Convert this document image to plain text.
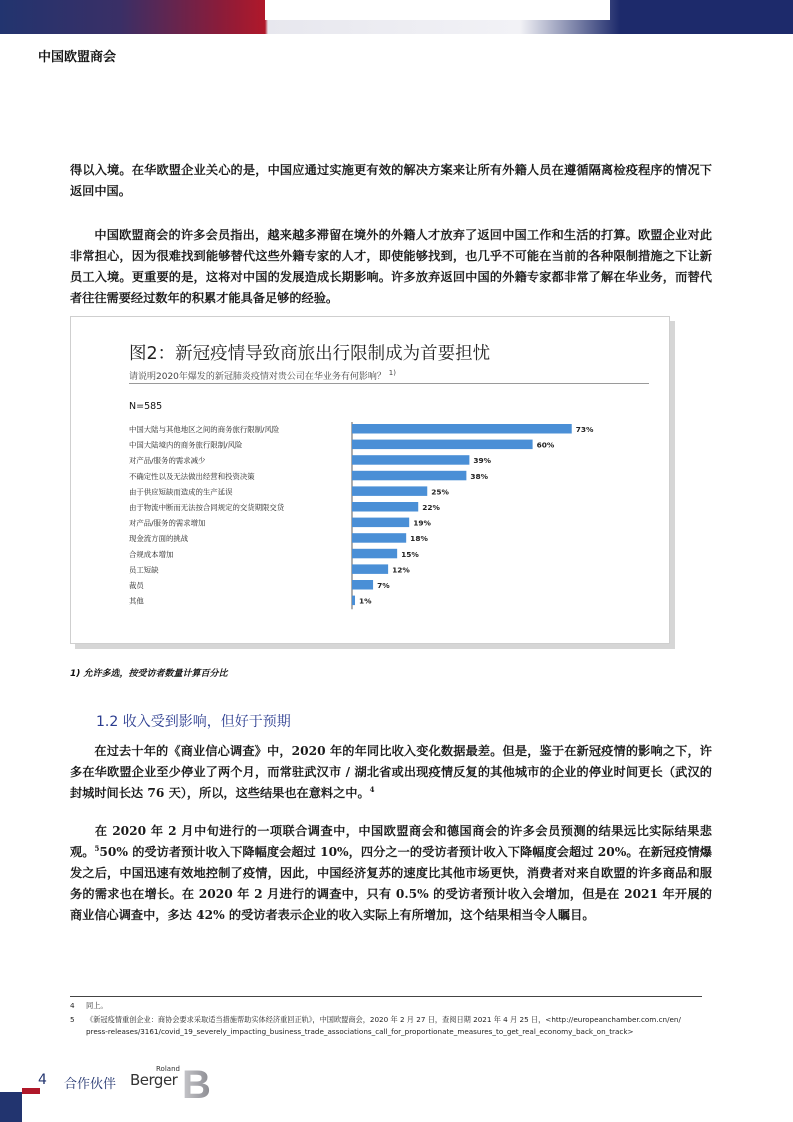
中国欧盟商会

得以入境。在华欧盟企业关心的是，中国应通过实施更有效的解决方案来让所有外籍人员在遵循隔离检疫程序的情况下返回中国。

中国欧盟商会的许多会员指出，越来越多滞留在境外的外籍人才放弃了返回中国工作和生活的打算。欧盟企业对此非常担心，因为很难找到能够替代这些外籍专家的人才，即使能够找到，也几乎不可能在当前的各种限制措施之下让新员工入境。更重要的是，这将对中国的发展造成长期影响。许多放弃返回中国的外籍专家都非常了解在华业务，而替代者往往需要经过数年的积累才能具备足够的经验。

图2：新冠疫情导致商旅出行限制成为首要担忧
请说明2020年爆发的新冠肺炎疫情对贵公司在华业务有何影响？ $^{1)}$
N=585
中国大陆与其他地区之间的商务旅行限制/风险	73%
中国大陆境内的商务旅行限制/风险	60%
对产品/服务的需求减少	39%
不确定性以及无法做出经营和投资决策	38%
由于供应短缺而造成的生产延误	25%
由于物流中断而无法按合同规定的交货期限交货	22%
对产品/服务的需求增加	19%
现金流方面的挑战	18%
合规成本增加	15%
员工短缺	12%
裁员	7%
其他	1%
1) 允许多选，按受访者数量计算百分比
1.2 收入受到影响，但好于预期

在过去十年的《商业信心调查》中，2020 年的年同比收入变化数据最差。但是，鉴于在新冠疫情的影响之下，许多在华欧盟企业至少停业了两个月，而常驻武汉市 / 湖北省或出现疫情反复的其他城市的企业的停业时间更长（武汉的封城时间长达 76 天），所以，这些结果也在意料之中。$^4$

在 2020 年 2 月中旬进行的一项联合调查中，中国欧盟商会和德国商会的许多会员预测的结果远比实际结果悲观。$^5$50% 的受访者预计收入下降幅度会超过 10%，四分之一的受访者预计收入下降幅度会超过 20%。在新冠疫情爆发之后，中国迅速有效地控制了疫情，因此，中国经济复苏的速度比其他市场更快，消费者对来自欧盟的许多商品和服务的需求也在增长。在 2020 年 2 月进行的调查中，只有 0.5% 的受访者预计收入会增加，但是在 2021 年开展的商业信心调查中，多达 42% 的受访者表示企业的收入实际上有所增加，这个结果相当令人瞩目。

4 同上。
5 《新冠疫情重创企业：商协会要求采取适当措施帮助实体经济重回正轨》，中国欧盟商会，2020 年 2 月 27 日，查阅日期 2021 年 4 月 25 日，<http://europeanchamber.com.cn/en/
press-releases/3161/covid_19_severely_impacting_business_trade_associations_call_for_proportionate_measures_to_get_real_economy_back_on_track>
4 合作伙伴 B
Roland
Berger
